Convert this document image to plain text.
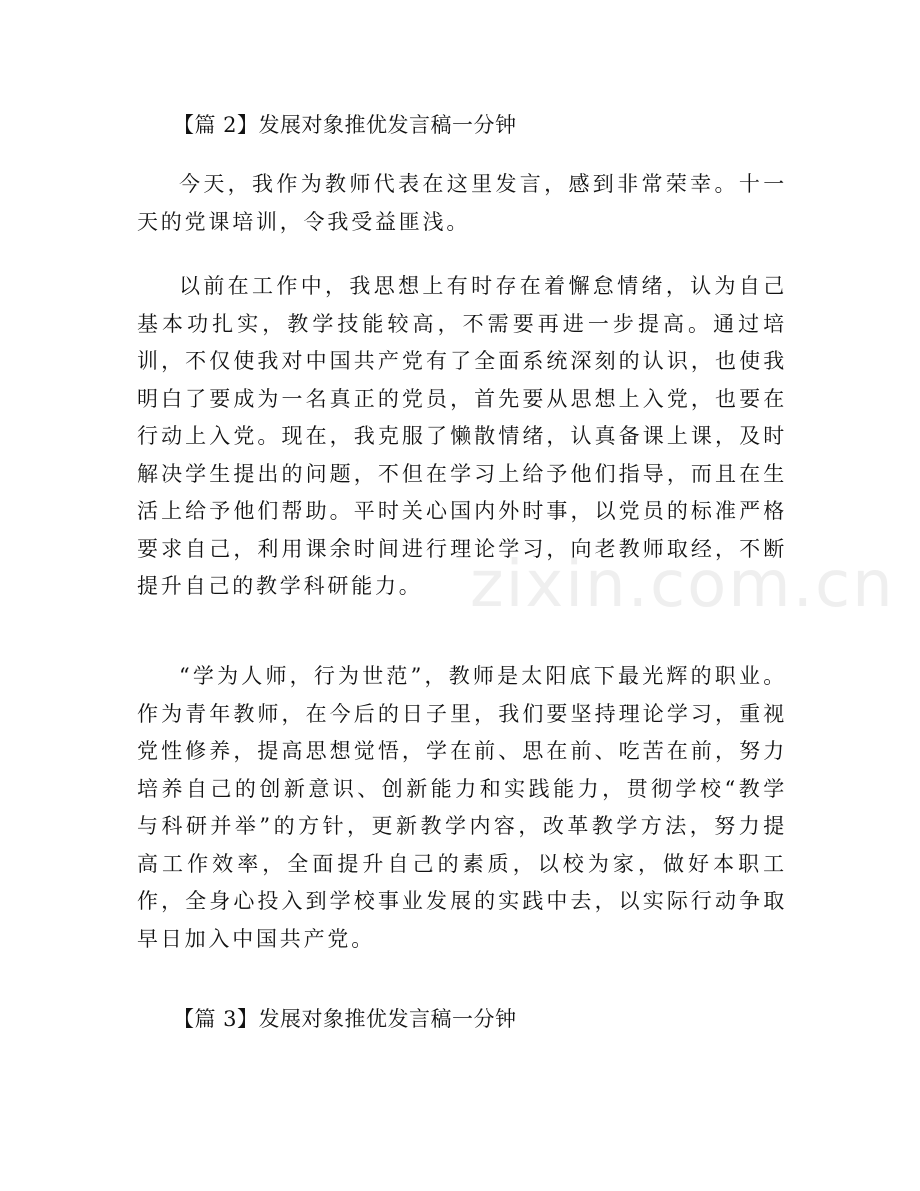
【篇 2】发展对象推优发言稿一分钟
今天，我作为教师代表在这里发言，感到非常荣幸。十一天的党课培训，令我受益匪浅。
以前在工作中，我思想上有时存在着懈怠情绪，认为自己基本功扎实，教学技能较高，不需要再进一步提高。通过培训，不仅使我对中国共产党有了全面系统深刻的认识，也使我明白了要成为一名真正的党员，首先要从思想上入党，也要在行动上入党。现在，我克服了懒散情绪，认真备课上课，及时解决学生提出的问题，不但在学习上给予他们指导，而且在生活上给予他们帮助。平时关心国内外时事，以党员的标准严格要求自己，利用课余时间进行理论学习，向老教师取经，不断提升自己的教学科研能力。
“学为人师，行为世范”，教师是太阳底下最光辉的职业。作为青年教师，在今后的日子里，我们要坚持理论学习，重视党性修养，提高思想觉悟，学在前、思在前、吃苦在前，努力培养自己的创新意识、创新能力和实践能力，贯彻学校“教学与科研并举”的方针，更新教学内容，改革教学方法，努力提高工作效率，全面提升自己的素质，以校为家，做好本职工作，全身心投入到学校事业发展的实践中去，以实际行动争取早日加入中国共产党。
【篇 3】发展对象推优发言稿一分钟
zixin.com.cn
